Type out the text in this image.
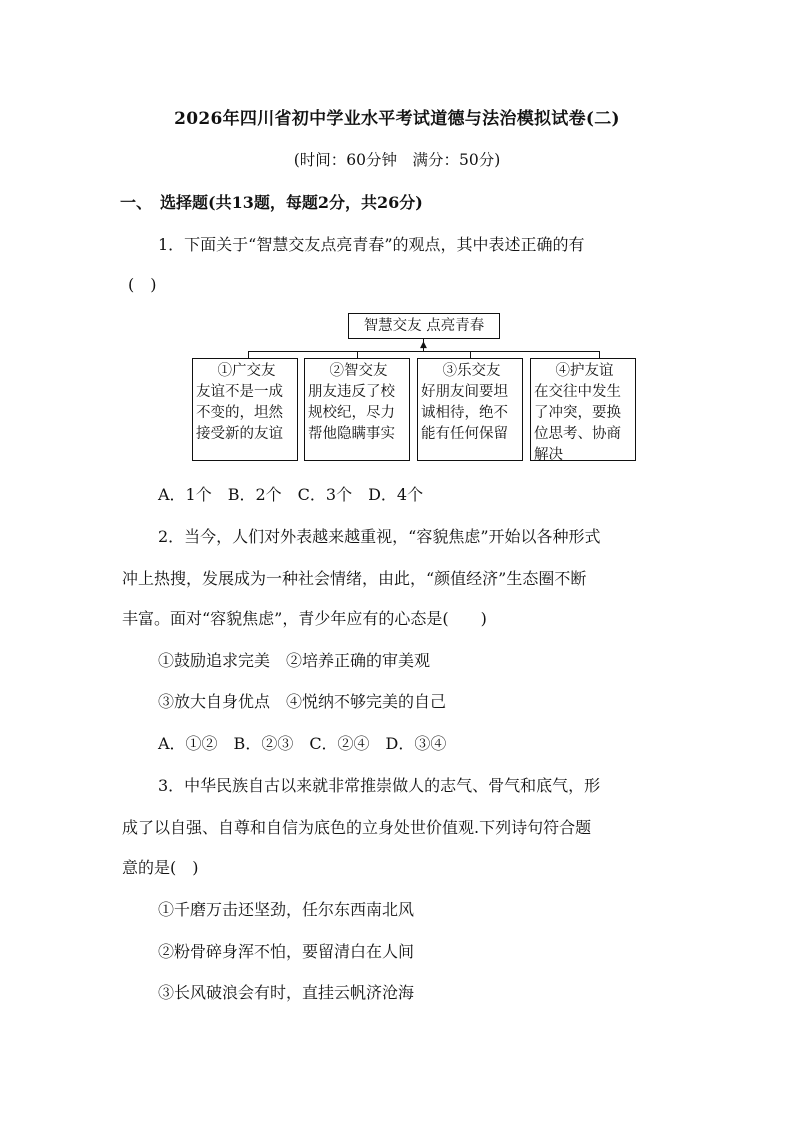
2026年四川省初中学业水平考试道德与法治模拟试卷(二)
(时间：60分钟　满分：50分)
一、　选择题(共13题，每题2分，共26分)
1．下面关于“智慧交友点亮青春”的观点，其中表述正确的有
(　)
智慧交友 点亮青春
▲
①广交友
友谊不是一成不变的，坦然接受新的友谊
②智交友
朋友违反了校规校纪，尽力帮他隐瞒事实
③乐交友
好朋友间要坦诚相待，绝不能有任何保留
④护友谊
在交往中发生了冲突，要换位思考、协商解决
A．1个　B．2个　C．3个　D．4个
2．当今，人们对外表越来越重视，“容貌焦虑”开始以各种形式
冲上热搜，发展成为一种社会情绪，由此，“颜值经济”生态圈不断
丰富。面对“容貌焦虑”，青少年应有的心态是(　　)
①鼓励追求完美　②培养正确的审美观
③放大自身优点　④悦纳不够完美的自己
A．①②　B．②③　C．②④　D．③④
3．中华民族自古以来就非常推崇做人的志气、骨气和底气，形
成了以自强、自尊和自信为底色的立身处世价值观.下列诗句符合题
意的是(　)
①千磨万击还坚劲，任尔东西南北风
②粉骨碎身浑不怕，要留清白在人间
③长风破浪会有时，直挂云帆济沧海
